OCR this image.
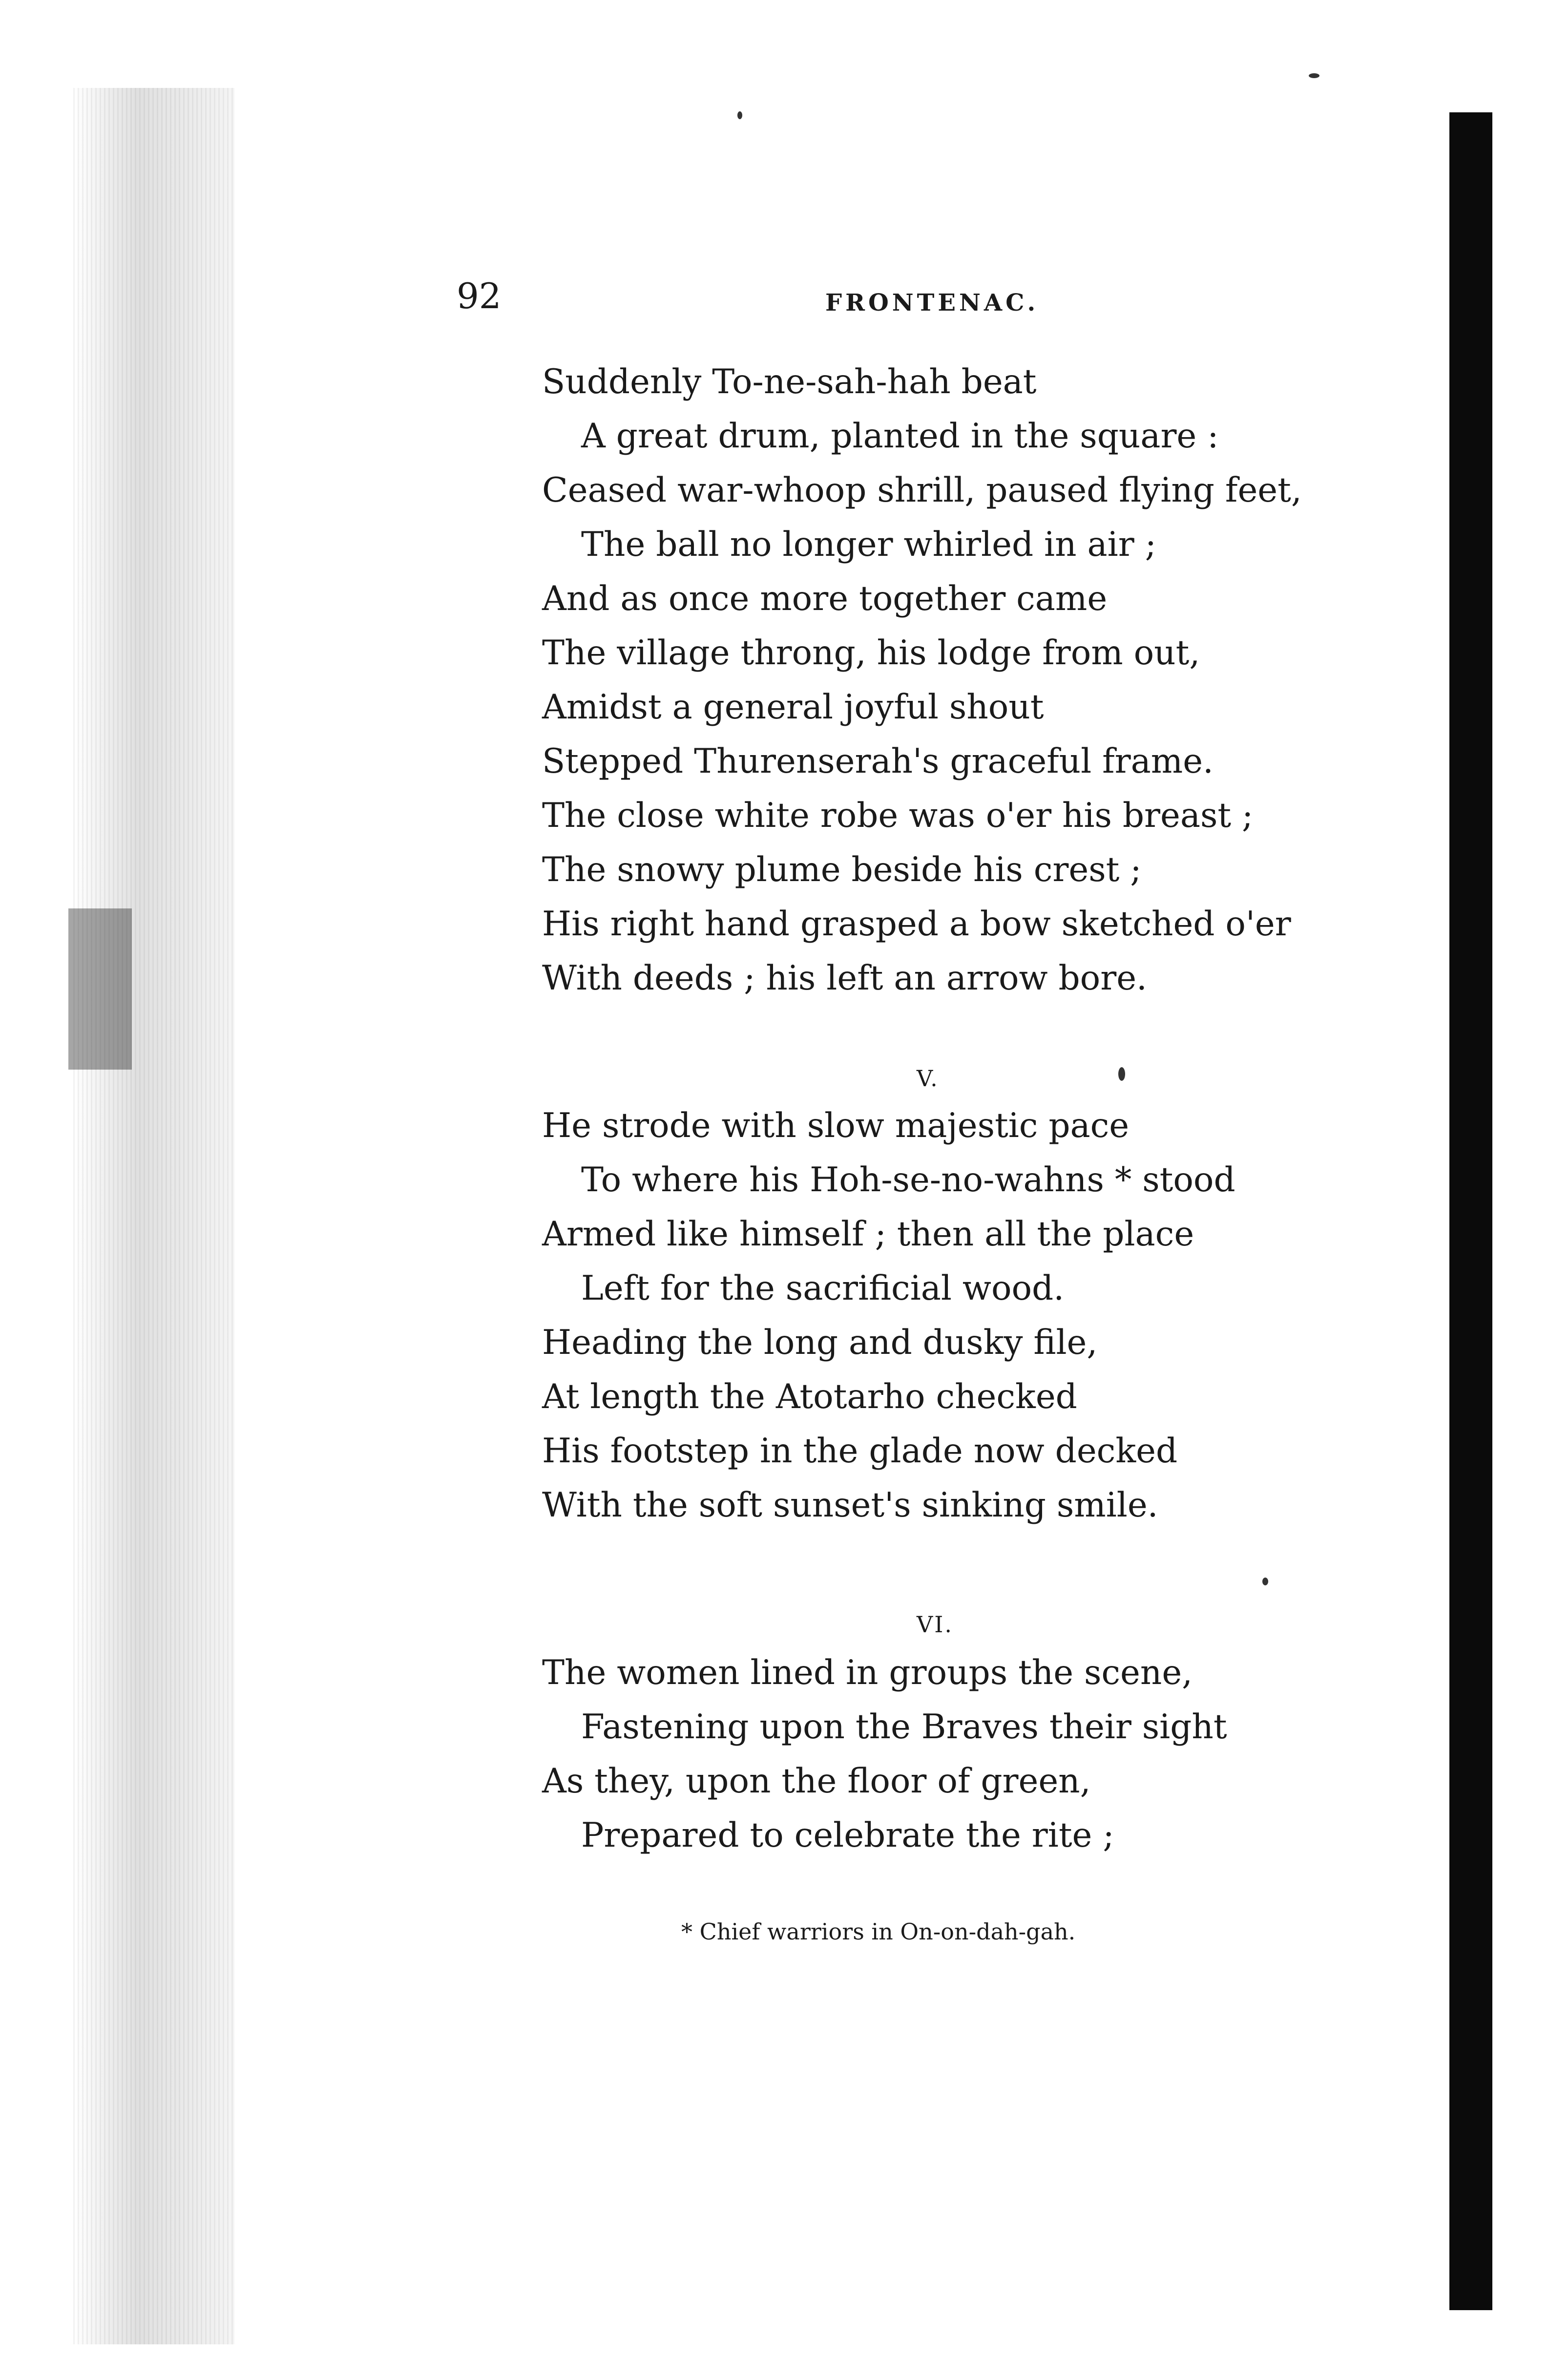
92	FRONTENAC.
Suddenly To-ne-sah-hah beat
A great drum, planted in the square :
Ceased war-whoop shrill, paused flying feet,
The ball no longer whirled in air ;
And as once more together came
The village throng, his lodge from out,
Amidst a general joyful shout
Stepped Thurenserah's graceful frame.
The close white robe was o'er his breast ;
The snowy plume beside his crest ;
His right hand grasped a bow sketched o'er
With deeds ; his left an arrow bore.
V.
He strode with slow majestic pace
To where his Hoh-se-no-wahns * stood
Armed like himself ; then all the place
Left for the sacrificial wood.
Heading the long and dusky file,
At length the Atotarho checked
His footstep in the glade now decked
With the soft sunset's sinking smile.
VI.
The women lined in groups the scene,
Fastening upon the Braves their sight
As they, upon the floor of green,
Prepared to celebrate the rite ;
* Chief warriors in On-on-dah-gah.
